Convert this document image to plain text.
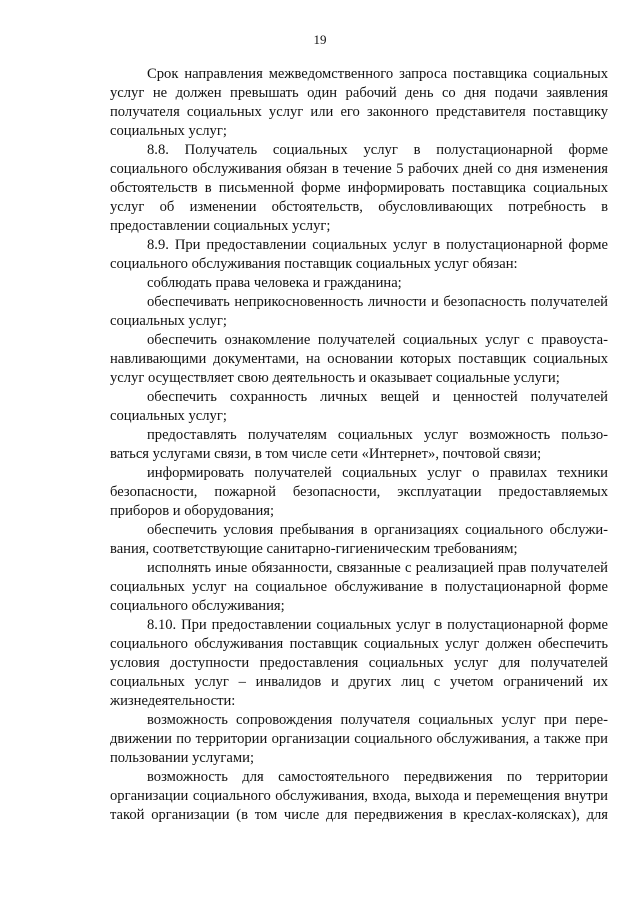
19

Срок направления межведомственного запроса поставщика социальных услуг не должен превышать один рабочий день со дня подачи заявления получателя социальных услуг или его законного представителя поставщику социальных услуг;

8.8. Получатель социальных услуг в полустационарной форме социального обслуживания обязан в течение 5 рабочих дней со дня изменения обстоятельств в письменной форме информировать поставщика социальных услуг об изменении обстоятельств, обусловливающих потребность в предоставлении социальных услуг;

8.9. При предоставлении социальных услуг в полустационарной форме социального обслуживания поставщик социальных услуг обязан:

соблюдать права человека и гражданина;

обеспечивать неприкосновенность личности и безопасность получателей социальных услуг;

обеспечить ознакомление получателей социальных услуг с правоуста-навливающими документами, на основании которых поставщик социальных услуг осуществляет свою деятельность и оказывает социальные услуги;

обеспечить сохранность личных вещей и ценностей получателей социальных услуг;

предоставлять получателям социальных услуг возможность пользо-ваться услугами связи, в том числе сети «Интернет», почтовой связи;

информировать получателей социальных услуг о правилах техники безопасности, пожарной безопасности, эксплуатации предоставляемых приборов и оборудования;

обеспечить условия пребывания в организациях социального обслужи-вания, соответствующие санитарно-гигиеническим требованиям;

исполнять иные обязанности, связанные с реализацией прав получателей социальных услуг на социальное обслуживание в полустационарной форме социального обслуживания;

8.10. При предоставлении социальных услуг в полустационарной форме социального обслуживания поставщик социальных услуг должен обеспечить условия доступности предоставления социальных услуг для получателей социальных услуг – инвалидов и других лиц с учетом ограничений их жизнедеятельности:

возможность сопровождения получателя социальных услуг при пере-движении по территории организации социального обслуживания, а также при пользовании услугами;

возможность для самостоятельного передвижения по территории организации социального обслуживания, входа, выхода и перемещения внутри такой организации (в том числе для передвижения в креслах-колясках), для
